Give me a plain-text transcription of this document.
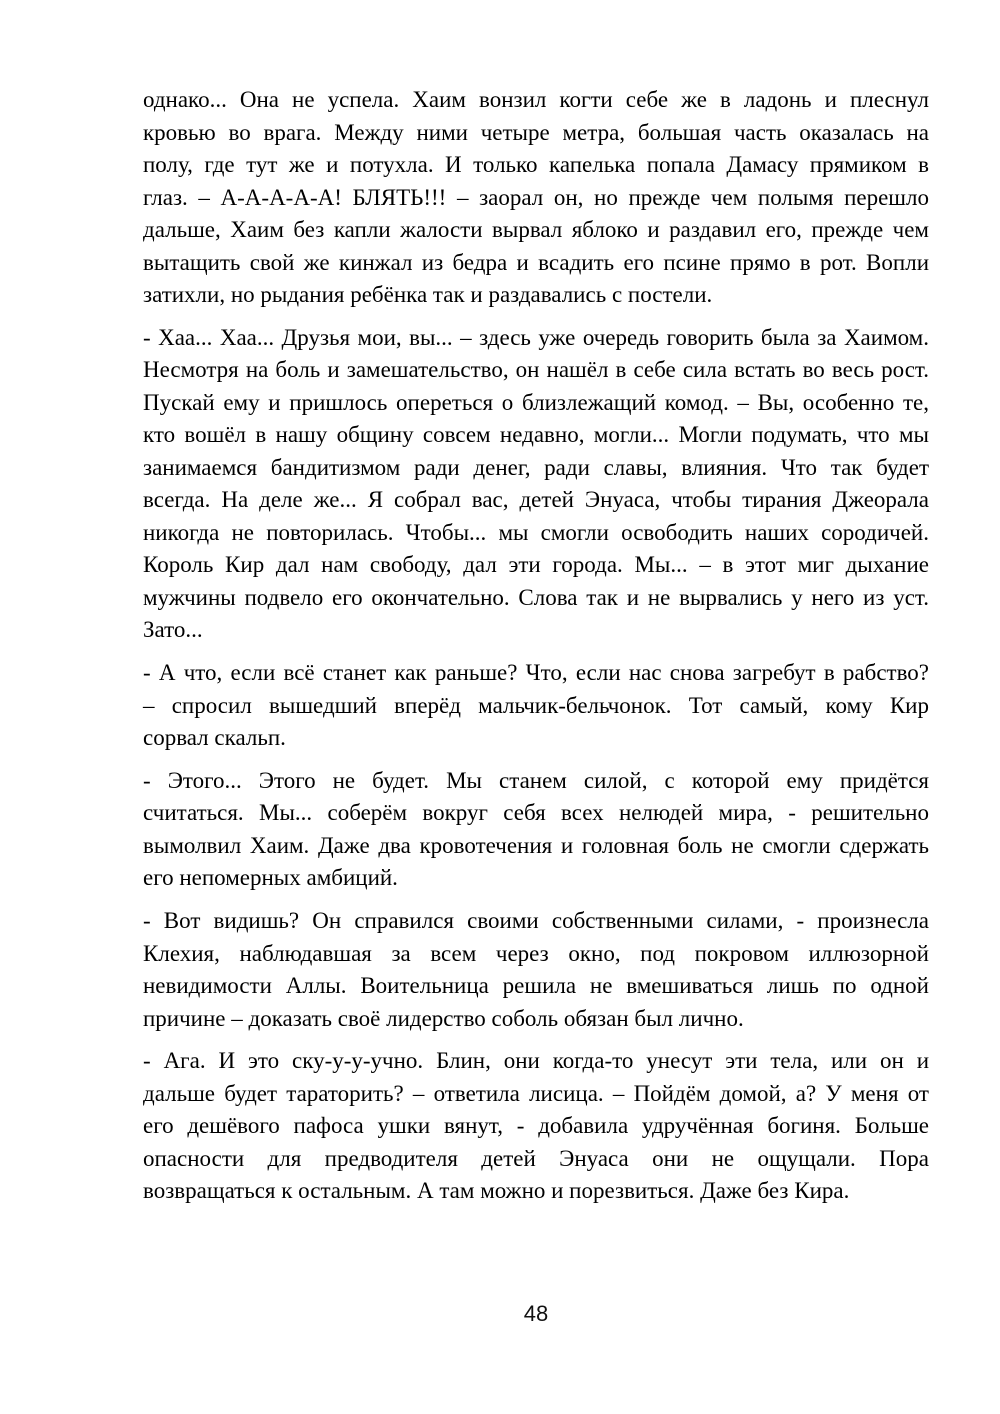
однако... Она не успела. Хаим вонзил когти себе же в ладонь и плеснул
кровью во врага. Между ними четыре метра, большая часть оказалась на
полу, где тут же и потухла. И только капелька попала Дамасу прямиком в
глаз. – А-А-А-А-А! БЛЯТЬ!!! – заорал он, но прежде чем полымя перешло
дальше, Хаим без капли жалости вырвал яблоко и раздавил его, прежде чем
вытащить свой же кинжал из бедра и всадить его псине прямо в рот. Вопли
затихли, но рыдания ребёнка так и раздавались с постели.
- Хаа... Хаа... Друзья мои, вы... – здесь уже очередь говорить была за Хаимом.
Несмотря на боль и замешательство, он нашёл в себе сила встать во весь рост.
Пускай ему и пришлось опереться о близлежащий комод. – Вы, особенно те,
кто вошёл в нашу общину совсем недавно, могли... Могли подумать, что мы
занимаемся бандитизмом ради денег, ради славы, влияния. Что так будет
всегда. На деле же... Я собрал вас, детей Энуаса, чтобы тирания Джеорала
никогда не повторилась. Чтобы... мы смогли освободить наших сородичей.
Король Кир дал нам свободу, дал эти города. Мы... – в этот миг дыхание
мужчины подвело его окончательно. Слова так и не вырвались у него из уст.
Зато...
- А что, если всё станет как раньше? Что, если нас снова загребут в рабство?
– спросил вышедший вперёд мальчик-бельчонок. Тот самый, кому Кир
сорвал скальп.
- Этого... Этого не будет. Мы станем силой, с которой ему придётся
считаться. Мы... соберём вокруг себя всех нелюдей мира, - решительно
вымолвил Хаим. Даже два кровотечения и головная боль не смогли сдержать
его непомерных амбиций.
- Вот видишь? Он справился своими собственными силами, - произнесла
Клехия, наблюдавшая за всем через окно, под покровом иллюзорной
невидимости Аллы. Воительница решила не вмешиваться лишь по одной
причине – доказать своё лидерство соболь обязан был лично.
- Ага. И это ску-у-у-учно. Блин, они когда-то унесут эти тела, или он и
дальше будет тараторить? – ответила лисица. – Пойдём домой, а? У меня от
его дешёвого пафоса ушки вянут, - добавила удручённая богиня. Больше
опасности для предводителя детей Энуаса они не ощущали. Пора
возвращаться к остальным. А там можно и порезвиться. Даже без Кира.
48
